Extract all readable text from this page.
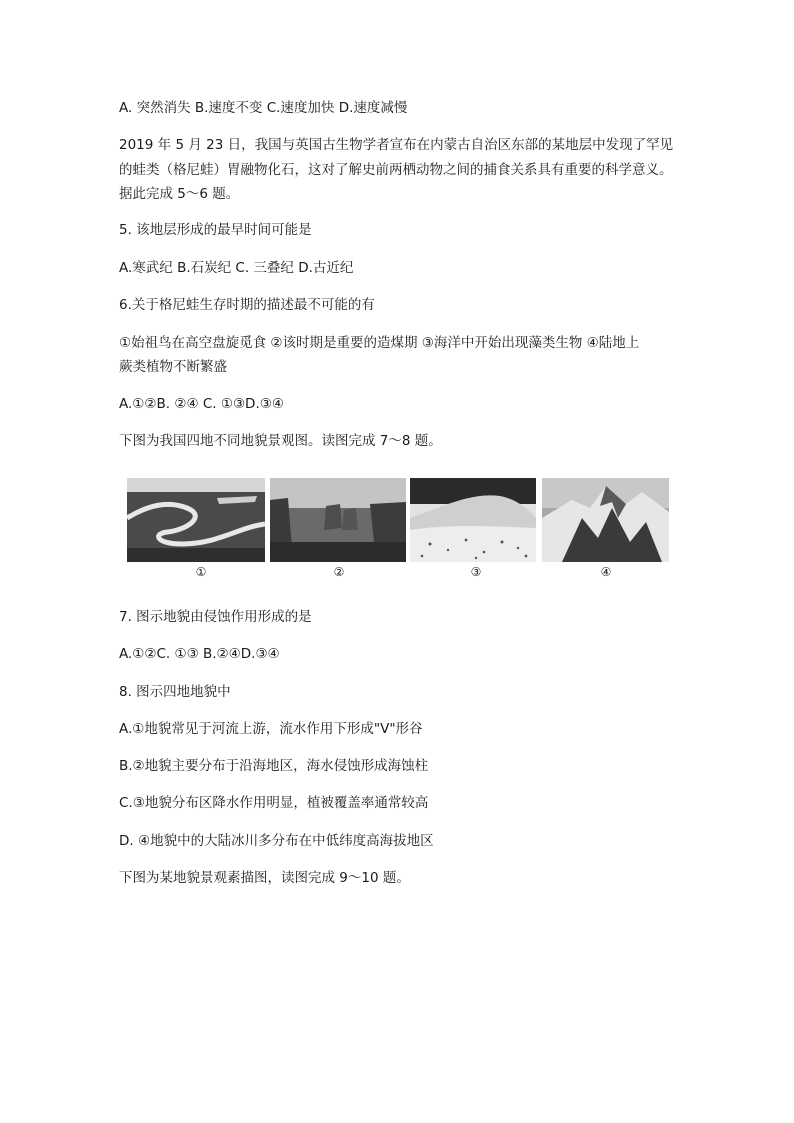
A. 突然消失 B.速度不变 C.速度加快 D.速度减慢
2019 年 5 月 23 日，我国与英国古生物学者宣布在内蒙古自治区东部的某地层中发现了罕见
的蛙类（格尼蛙）胃融物化石，这对了解史前两栖动物之间的捕食关系具有重要的科学意义。
据此完成 5～6 题。
5. 该地层形成的最早时间可能是
A.寒武纪 B.石炭纪 C. 三叠纪 D.古近纪
6.关于格尼蛙生存时期的描述最不可能的有
①始祖鸟在高空盘旋觅食 ②该时期是重要的造煤期 ③海洋中开始出现藻类生物 ④陆地上
蕨类植物不断繁盛
A.①②B. ②④ C. ①③D.③④
下图为我国四地不同地貌景观图。读图完成 7～8 题。
①	②	③	④
7. 图示地貌由侵蚀作用形成的是
A.①②C. ①③ B.②④D.③④
8. 图示四地地貌中
A.①地貌常见于河流上游，流水作用下形成"V"形谷
B.②地貌主要分布于沿海地区，海水侵蚀形成海蚀柱
C.③地貌分布区降水作用明显，植被覆盖率通常较高
D. ④地貌中的大陆冰川多分布在中低纬度高海拔地区
下图为某地貌景观素描图，读图完成 9～10 题。
